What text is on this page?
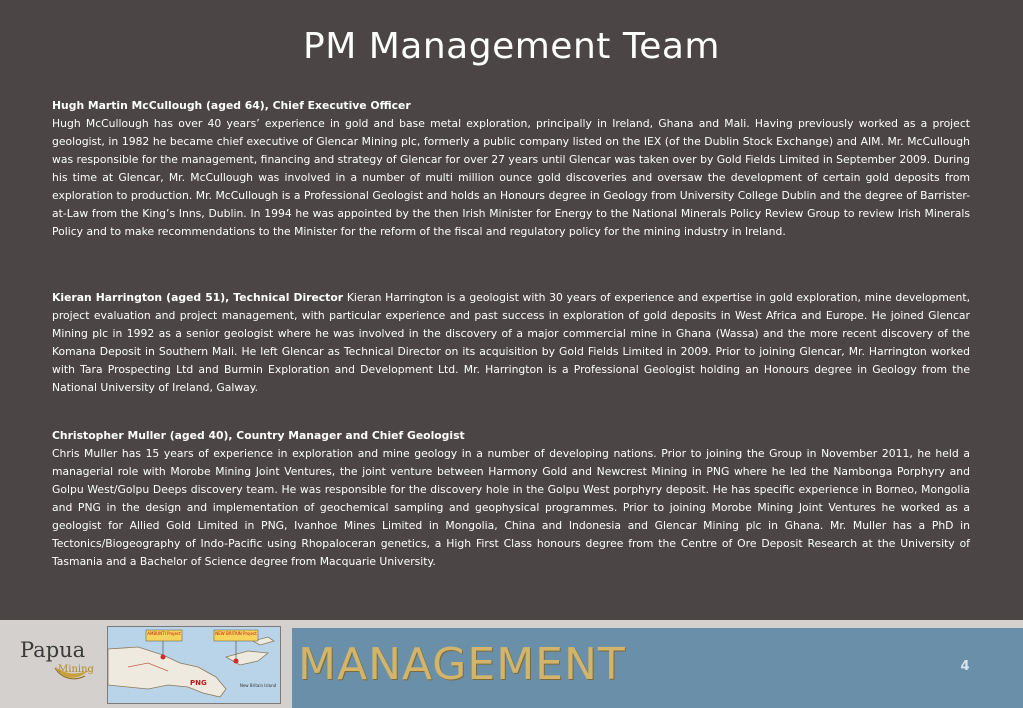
PM Management Team
Hugh Martin McCullough (aged 64), Chief Executive Officer
Hugh McCullough has over 40 years’ experience in gold and base metal exploration, principally in Ireland, Ghana and Mali. Having previously worked as a project geologist, in 1982 he became chief executive of Glencar Mining plc, formerly a public company listed on the IEX (of the Dublin Stock Exchange) and AIM. Mr. McCullough was responsible for the management, financing and strategy of Glencar for over 27 years until Glencar was taken over by Gold Fields Limited in September 2009. During his time at Glencar, Mr. McCullough was involved in a number of multi million ounce gold discoveries and oversaw the development of certain gold deposits from exploration to production. Mr. McCullough is a Professional Geologist and holds an Honours degree in Geology from University College Dublin and the degree of Barrister-at-Law from the King’s Inns, Dublin. In 1994 he was appointed by the then Irish Minister for Energy to the National Minerals Policy Review Group to review Irish Minerals Policy and to make recommendations to the Minister for the reform of the fiscal and regulatory policy for the mining industry in Ireland.
Kieran Harrington (aged 51), Technical Director Kieran Harrington is a geologist with 30 years of experience and expertise in gold exploration, mine development, project evaluation and project management, with particular experience and past success in exploration of gold deposits in West Africa and Europe. He joined Glencar Mining plc in 1992 as a senior geologist where he was involved in the discovery of a major commercial mine in Ghana (Wassa) and the more recent discovery of the Komana Deposit in Southern Mali. He left Glencar as Technical Director on its acquisition by Gold Fields Limited in 2009. Prior to joining Glencar, Mr. Harrington worked with Tara Prospecting Ltd and Burmin Exploration and Development Ltd. Mr. Harrington is a Professional Geologist holding an Honours degree in Geology from the National University of Ireland, Galway.
Christopher Muller (aged 40), Country Manager and Chief Geologist
Chris Muller has 15 years of experience in exploration and mine geology in a number of developing nations. Prior to joining the Group in November 2011, he held a managerial role with Morobe Mining Joint Ventures, the joint venture between Harmony Gold and Newcrest Mining in PNG where he led the Nambonga Porphyry and Golpu West/Golpu Deeps discovery team. He was responsible for the discovery hole in the Golpu West porphyry deposit. He has specific experience in Borneo, Mongolia and PNG in the design and implementation of geochemical sampling and geophysical programmes. Prior to joining Morobe Mining Joint Ventures he worked as a geologist for Allied Gold Limited in PNG, Ivanhoe Mines Limited in Mongolia, China and Indonesia and Glencar Mining plc in Ghana. Mr. Muller has a PhD in Tectonics/Biogeography of Indo-Pacific using Rhopaloceran genetics, a High First Class honours degree from the Centre of Ore Deposit Research at the University of Tasmania and a Bachelor of Science degree from Macquarie University.
Papua
Mining
AMBUNTI Project	NEW BRITAIN Project
PNG	New Britain Island MANAGEMENT	4
